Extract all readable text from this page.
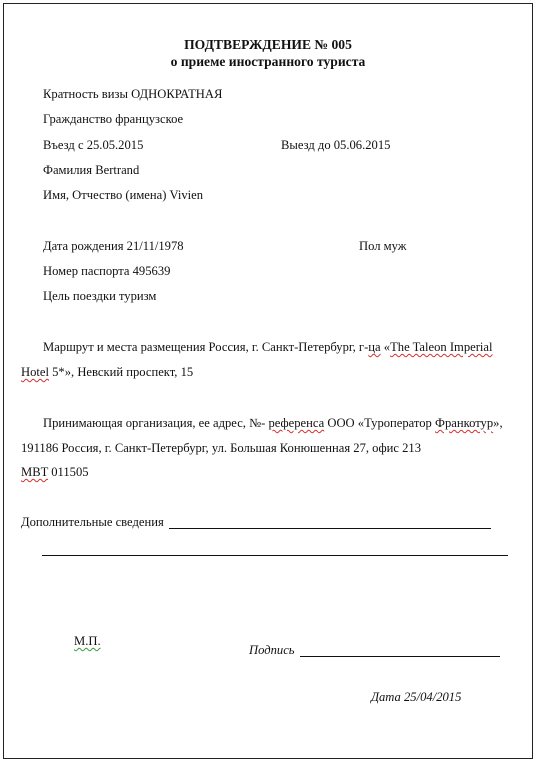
ПОДТВЕРЖДЕНИЕ № 005
о приеме иностранного туриста
Кратность визы ОДНОКРАТНАЯ
Гражданство французское
Въезд с 25.05.2015	Выезд до 05.06.2015
Фамилия Bertrand
Имя, Отчество (имена) Vivien
Дата рождения 21/11/1978	Пол муж
Номер паспорта 495639
Цель поездки туризм
Маршрут и места размещения Россия, г. Санкт-Петербург, г-ца «The Taleon Imperial
Hotel 5*», Невский проспект, 15
Принимающая организация, ее адрес, №- референса ООО «Туроператор Франкотур»,
191186 Россия, г. Санкт-Петербург, ул. Большая Конюшенная 27, офис 213
MBT 011505
Дополнительные сведения
М.П.
Подпись
Дата 25/04/2015
